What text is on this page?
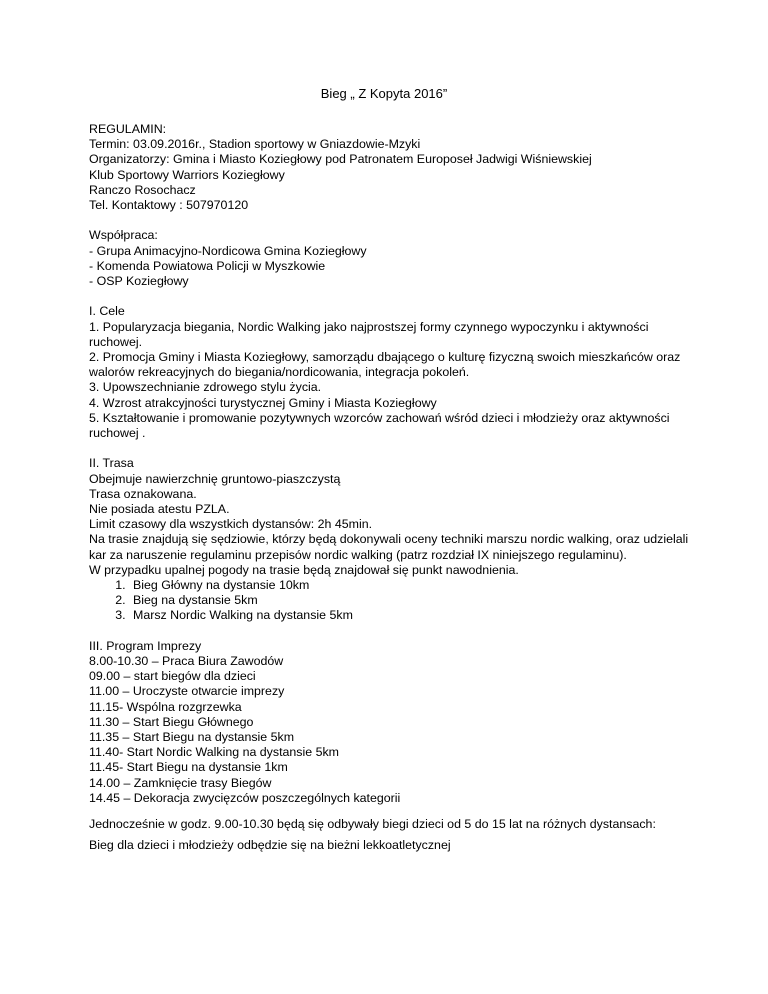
Bieg „ Z Kopyta 2016”
REGULAMIN:
Termin: 03.09.2016r., Stadion sportowy w Gniazdowie-Mzyki
Organizatorzy: Gmina i Miasto Koziegłowy pod Patronatem Europoseł Jadwigi Wiśniewskiej
Klub Sportowy Warriors Koziegłowy
Ranczo Rosochacz
Tel. Kontaktowy : 507970120
Współpraca:
- Grupa Animacyjno-Nordicowa Gmina Koziegłowy
- Komenda Powiatowa Policji w Myszkowie
- OSP Koziegłowy
I. Cele
1. Popularyzacja biegania, Nordic Walking jako najprostszej formy czynnego wypoczynku i aktywności ruchowej.
2. Promocja Gminy i Miasta Koziegłowy, samorządu dbającego o kulturę fizyczną swoich mieszkańców oraz walorów rekreacyjnych do biegania/nordicowania, integracja pokoleń.
3. Upowszechnianie zdrowego stylu życia.
4. Wzrost atrakcyjności turystycznej Gminy i Miasta Koziegłowy
5. Kształtowanie i promowanie pozytywnych wzorców zachowań wśród dzieci i młodzieży oraz aktywności ruchowej .
II. Trasa
Obejmuje nawierzchnię gruntowo-piaszczystą
Trasa oznakowana.
Nie posiada atestu PZLA.
Limit czasowy dla wszystkich dystansów: 2h 45min.
Na trasie znajdują się sędziowie, którzy będą dokonywali oceny techniki marszu nordic walking, oraz udzielali kar za naruszenie regulaminu przepisów nordic walking (patrz rozdział IX niniejszego regulaminu).
W przypadku upalnej pogody na trasie będą znajdował się punkt nawodnienia.
1. Bieg Główny na dystansie 10km
2. Bieg na dystansie 5km
3. Marsz Nordic Walking na dystansie 5km
III. Program Imprezy
8.00-10.30 – Praca Biura Zawodów
09.00 – start biegów dla dzieci
11.00 – Uroczyste otwarcie imprezy
11.15- Wspólna rozgrzewka
11.30 – Start Biegu Głównego
11.35 – Start Biegu na dystansie 5km
11.40- Start Nordic Walking na dystansie 5km
11.45- Start Biegu na dystansie 1km
14.00 – Zamknięcie trasy Biegów
14.45 – Dekoracja zwycięzców poszczególnych kategorii
Jednocześnie w godz. 9.00-10.30 będą się odbywały biegi dzieci od 5 do 15 lat na różnych dystansach:
Bieg dla dzieci i młodzieży odbędzie się na bieżni lekkoatletycznej
